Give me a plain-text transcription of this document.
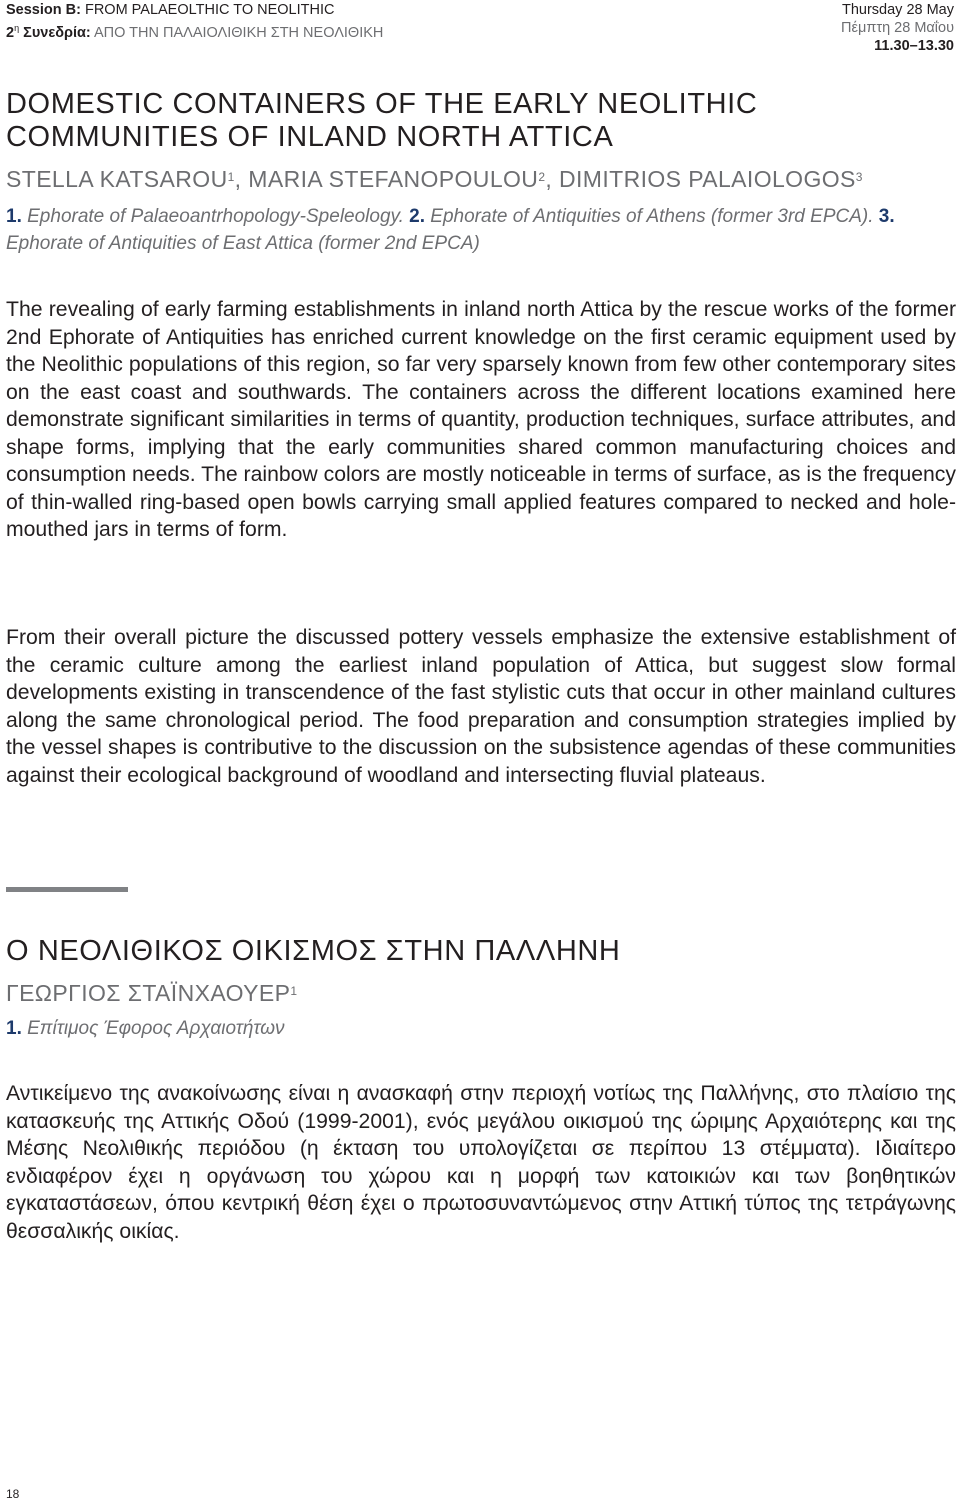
Session B: FROM PALAEOLTHIC TO NEOLITHIC
$2^\eta$ Συνεδρία: ΑΠΟ ΤΗΝ ΠΑΛΑΙΟΛΙΘΙΚΗ ΣΤΗ ΝΕΟΛΙΘΙΚΗ
Thursday 28 May
Πέμπτη 28 Μαΐου
11.30–13.30
DOMESTIC CONTAINERS OF THE EARLY NEOLITHIC
COMMUNITIES OF INLAND NORTH ATTICA
STELLA KATSAROU$^1$, MARIA STEFANOPOULOU$^2$, DIMITRIOS PALAIOLOGOS$^3$
1. Ephorate of Palaeoantrhopology-Speleology. 2. Ephorate of Antiquities of Athens (former 3rd EPCA). 3. Ephorate of Antiquities of East Attica (former 2nd EPCA)

The revealing of early farming establishments in inland north Attica by the rescue works of the former 2nd Ephorate of Antiquities has enriched current knowledge on the first ceramic equipment used by the Neolithic populations of this region, so far very sparsely known from few other contemporary sites on the east coast and southwards. The containers across the different locations examined here demonstrate significant similarities in terms of quantity, production techniques, surface attributes, and shape forms, implying that the early communities shared common manufacturing choices and consumption needs. The rainbow colors are mostly noticeable in terms of surface, as is the frequency of thin-walled ring-based open bowls carrying small applied features compared to necked and hole-mouthed jars in terms of form.

From their overall picture the discussed pottery vessels emphasize the extensive establishment of the ceramic culture among the earliest inland population of Attica, but suggest slow formal developments existing in transcendence of the fast stylistic cuts that occur in other mainland cultures along the same chronological period. The food preparation and consumption strategies implied by the vessel shapes is contributive to the discussion on the subsistence agendas of these communities against their ecological background of woodland and intersecting fluvial plateaus.

Ο ΝΕΟΛΙΘΙΚΟΣ ΟΙΚΙΣΜΟΣ ΣΤΗΝ ΠΑΛΛΗΝΗ
ΓΕΩΡΓΙΟΣ ΣΤΑΪΝΧΑΟΥΕΡ$^1$
1. Επίτιμος Έφορος Αρχαιοτήτων

Αντικείμενο της ανακοίνωσης είναι η ανασκαφή στην περιοχή νοτίως της Παλλήνης, στο πλαίσιο της κατασκευής της Αττικής Οδού (1999-2001), ενός μεγάλου οικισμού της ώριμης Αρχαιότερης και της Μέσης Νεολιθικής περιόδου (η έκταση του υπολογίζεται σε περίπου 13 στέμματα). Ιδιαίτερο ενδιαφέρον έχει η οργάνωση του χώρου και η μορφή των κατοικιών και των βοηθητικών εγκαταστάσεων, όπου κεντρική θέση έχει ο πρωτοσυναντώμενος στην Αττική τύπος της τετράγωνης θεσσαλικής οικίας.

18
